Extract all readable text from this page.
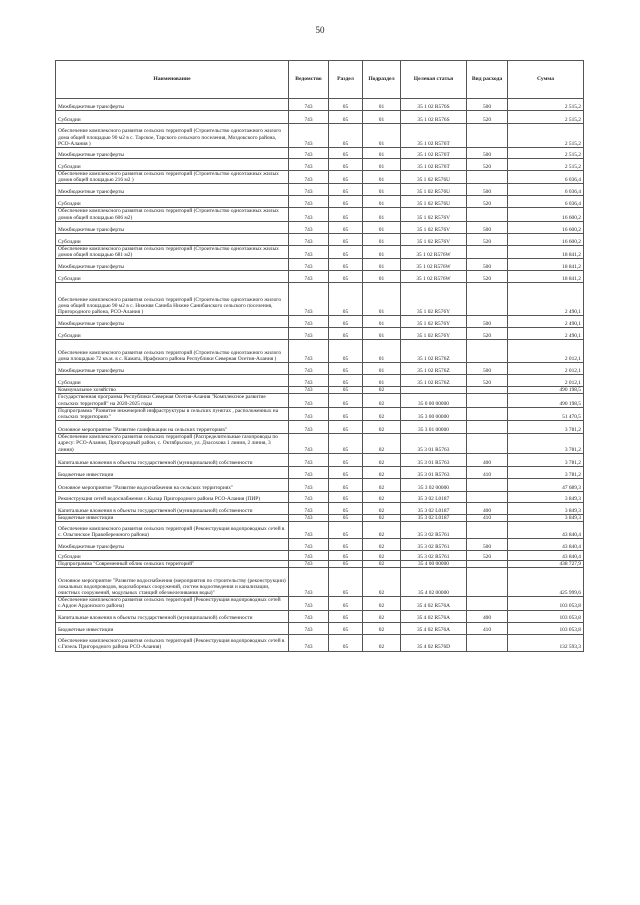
50
Наименование	Ведомство	Раздел	Подраздел	Целевая статья	Вид расхода	Сумма
Межбюджетные трансферты	743	05	01	35 1 02 R576S	500	2 515,2
Субсидии	743	05	01	35 1 02 R576S	520	2 515,2
Обеспечение комплексного развития сельских территорий (Строительство одноэтажного жилого дома общей площадью 90 м2 в с. Тарское, Тарского сельского поселения, Моздокского района, РСО-Алания )	743	05	01	35 1 02 R576T		2 515,2
Межбюджетные трансферты	743	05	01	35 1 02 R576T	500	2 515,2
Субсидии	743	05	01	35 1 02 R576T	520	2 515,2
Обеспечение комплексного развития сельских территорий (Строительство одноэтажных жилых домов общей площадью 216 м2 )	743	05	01	35 1 02 R576U		6 036,4
Межбюджетные трансферты	743	05	01	35 1 02 R576U	500	6 036,4
Субсидии	743	05	01	35 1 02 R576U	520	6 036,4
Обеспечение комплексного развития сельских территорий (Строительство одноэтажных жилых домов общей площадью 606 м2)	743	05	01	35 1 02 R576V		16 600,2
Межбюджетные трансферты	743	05	01	35 1 02 R576V	500	16 600,2
Субсидии	743	05	01	35 1 02 R576V	520	16 600,2
Обеспечение комплексного развития сельских территорий (Строительство одноэтажных жилых домов общей площадью 681 м2)	743	05	01	35 1 02 R576W		18 841,2
Межбюджетные трансферты	743	05	01	35 1 02 R576W	500	18 841,2
Субсидии	743	05	01	35 1 02 R576W	520	18 841,2
Обеспечение комплексного развития сельских территорий (Строительство одноэтажного жилого дома общей площадью 90 м2 в с. Нижняя Саниба Нижне Сaнибанского сельского поселения, Пригородного района, РСО-Алания )	743	05	01	35 1 02 R576Y		2 490,1
Межбюджетные трансферты	743	05	01	35 1 02 R576Y	500	2 490,1
Субсидии	743	05	01	35 1 02 R576Y	520	2 490,1
Обеспечение комплексного развития сельских территорий (Строительство одноэтажного жилого дома площадью 72 кв.м. в с. Камата, Ирафского района Республики Северная Осетия-Алания )	743	05	01	35 1 02 R576Z		2 012,1
Межбюджетные трансферты	743	05	01	35 1 02 R576Z	500	2 012,1
Субсидии	743	05	01	35 1 02 R576Z	520	2 012,1
Коммунальное хозяйство	743	05	02			490 198,5
Государственная программа Республики Северная Осетия-Алания "Комплексное развитие сельских территорий" на 2020-2025 годы	743	05	02	35 0 00 00000		490 198,5
Подпрограмма "Развитие инженерной инфраструктуры в сельских пунктах , расположенных на сельских территориях"	743	05	02	35 3 00 00000		51 470,5
Основное мероприятие "Развитие газификации на сельских территориях"	743	05	02	35 3 01 00000		3 781,2
Обеспечение комплексного развития сельских территорий (Распределительные газопроводы по адресу: РСО-Алания, Пригородный район, с. Октябрьское, ул. Дзасохова 1 линия, 2 линия, 3 линия)	743	05	02	35 3 01 R5763		3 781,2
Капитальные вложения в объекты государственной (муниципальной) собственности	743	05	02	35 3 01 R5763	400	3 781,2
Бюджетные инвестиции	743	05	02	35 3 01 R5763	410	3 781,2
Основное мероприятие "Развитие водоснабжения на сельских территориях"	743	05	02	35 3 02 00000		47 689,3
Реконструкция сетей водоснабжения с.Кызар Пригородного района РСО-Алания (ПИР)	743	05	02	35 3 02 L0187		3 849,3
Капитальные вложения в объекты государственной (муниципальной) собственности	743	05	02	35 3 02 L0187	400	3 849,3
Бюджетные инвестиции	743	05	02	35 3 02 L0187	410	3 849,3
Обеспечение комплексного развития сельских территорий (Реконструкция водопроводных сетей в с. Ольгинское Правобережного района)	743	05	02	35 3 02 R5761		43 840,4
Межбюджетные трансферты	743	05	02	35 3 02 R5761	500	43 840,4
Субсидии	743	05	02	35 3 02 R5761	520	43 840,4
Подпрограмма "Современный облик сельских территорий"	743	05	02	35 4 00 00000		438 727,9
Основное мероприятие "Развитие водоснабжения (мероприятия по строительству (реконструкции) локальных водопроводов, водозаборных сооружений, систем водоотведения и канализации, очистных сооружений, модульных станций обезжелезивания воды)"	743	05	02	35 4 02 00000		425 999,6
Обеспечение комплексного развития сельских территорий (Реконструкция водопроводных сетей с.Ардон Ардонского района)	743	05	02	35 4 02 R576A		103 053,8
Капитальные вложения в объекты государственной (муниципальной) собственности	743	05	02	35 4 02 R576A	400	103 053,8
Бюджетные инвестиции	743	05	02	35 4 02 R576A	410	103 053,8
Обеспечение комплексного развития сельских территорий (Реконструкция водопроводных сетей в с.Гизель Пригородного района РСО-Алания)	743	05	02	35 4 02 R576D		132 593,3
